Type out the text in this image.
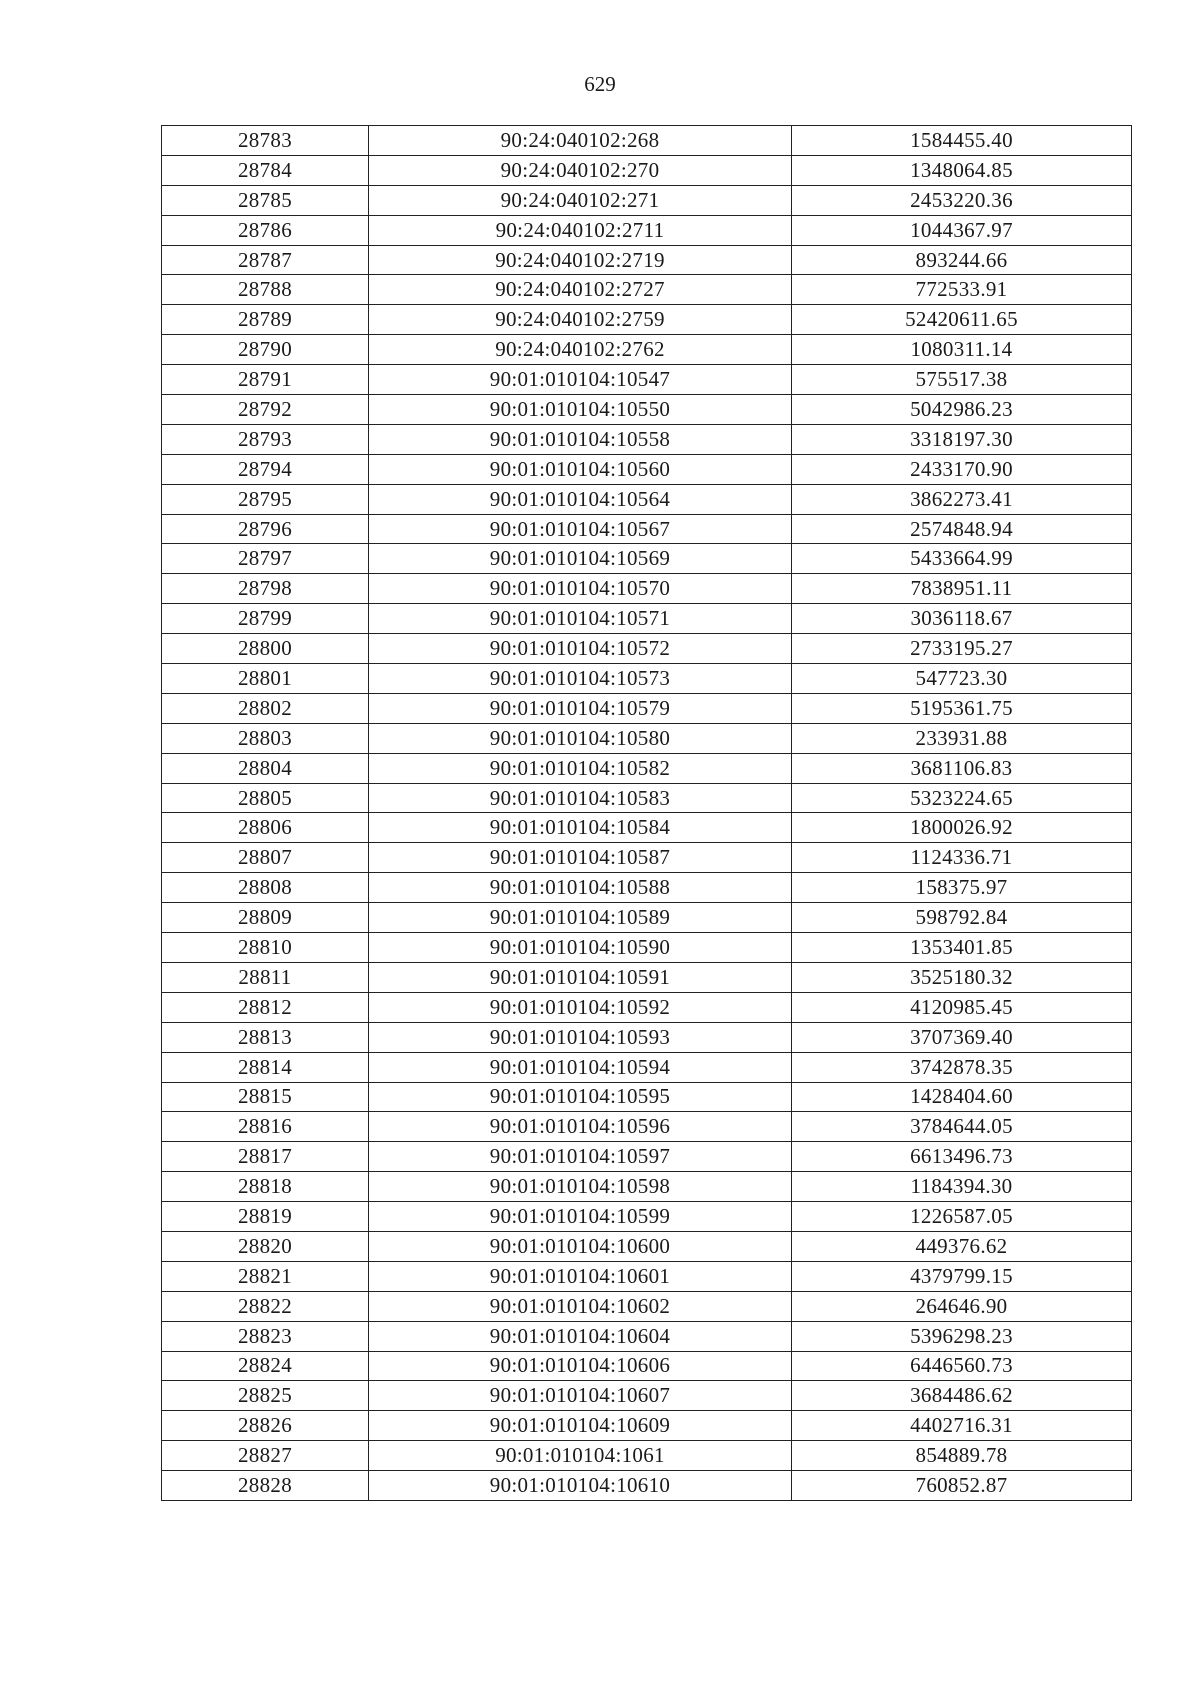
629
28783	90:24:040102:268	1584455.40
28784	90:24:040102:270	1348064.85
28785	90:24:040102:271	2453220.36
28786	90:24:040102:2711	1044367.97
28787	90:24:040102:2719	893244.66
28788	90:24:040102:2727	772533.91
28789	90:24:040102:2759	52420611.65
28790	90:24:040102:2762	1080311.14
28791	90:01:010104:10547	575517.38
28792	90:01:010104:10550	5042986.23
28793	90:01:010104:10558	3318197.30
28794	90:01:010104:10560	2433170.90
28795	90:01:010104:10564	3862273.41
28796	90:01:010104:10567	2574848.94
28797	90:01:010104:10569	5433664.99
28798	90:01:010104:10570	7838951.11
28799	90:01:010104:10571	3036118.67
28800	90:01:010104:10572	2733195.27
28801	90:01:010104:10573	547723.30
28802	90:01:010104:10579	5195361.75
28803	90:01:010104:10580	233931.88
28804	90:01:010104:10582	3681106.83
28805	90:01:010104:10583	5323224.65
28806	90:01:010104:10584	1800026.92
28807	90:01:010104:10587	1124336.71
28808	90:01:010104:10588	158375.97
28809	90:01:010104:10589	598792.84
28810	90:01:010104:10590	1353401.85
28811	90:01:010104:10591	3525180.32
28812	90:01:010104:10592	4120985.45
28813	90:01:010104:10593	3707369.40
28814	90:01:010104:10594	3742878.35
28815	90:01:010104:10595	1428404.60
28816	90:01:010104:10596	3784644.05
28817	90:01:010104:10597	6613496.73
28818	90:01:010104:10598	1184394.30
28819	90:01:010104:10599	1226587.05
28820	90:01:010104:10600	449376.62
28821	90:01:010104:10601	4379799.15
28822	90:01:010104:10602	264646.90
28823	90:01:010104:10604	5396298.23
28824	90:01:010104:10606	6446560.73
28825	90:01:010104:10607	3684486.62
28826	90:01:010104:10609	4402716.31
28827	90:01:010104:1061	854889.78
28828	90:01:010104:10610	760852.87
